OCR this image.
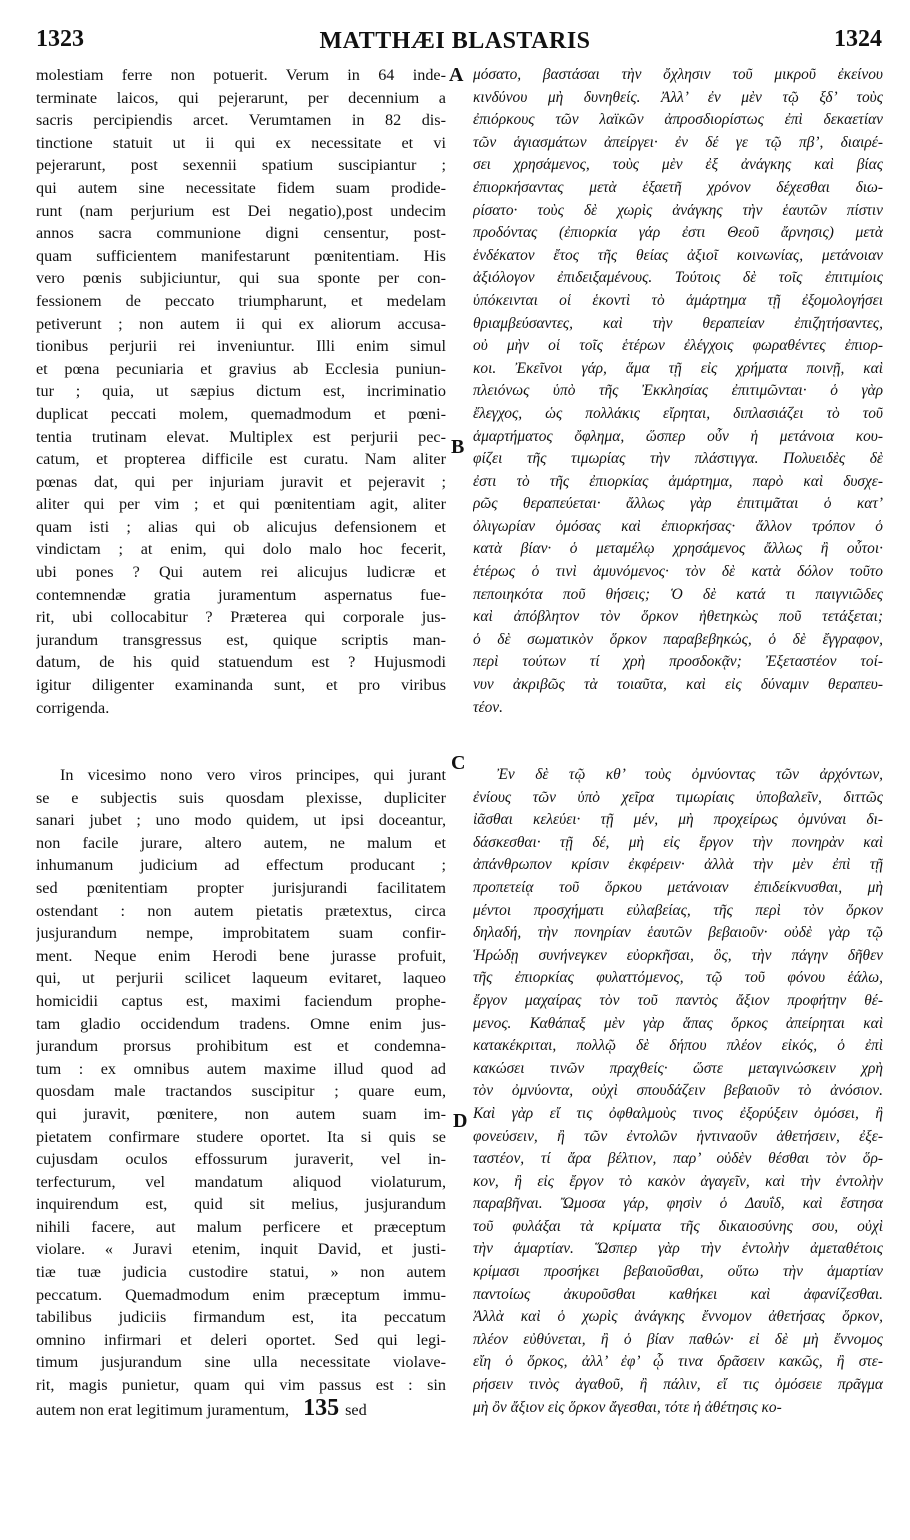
1323	MATTHÆI BLASTARIS	1324
A
B
C
D
molestiam ferre non potuerit. Verum in 64 inde-
terminate laicos, qui pejerarunt, per decennium a
sacris percipiendis arcet. Verumtamen in 82 dis-
tinctione statuit ut ii qui ex necessitate et vi
pejerarunt, post sexennii spatium suscipiantur ;
qui autem sine necessitate fidem suam prodide-
runt (nam perjurium est Dei negatio),post undecim
annos sacra communione digni censentur, post-
quam sufficientem manifestarunt pœnitentiam. His
vero pœnis subjiciuntur, qui sua sponte per con-
fessionem de peccato triumpharunt, et medelam
petiverunt ; non autem ii qui ex aliorum accusa-
tionibus perjurii rei inveniuntur. Illi enim simul
et pœna pecuniaria et gravius ab Ecclesia puniun-
tur ; quia, ut sæpius dictum est, incriminatio
duplicat peccati molem, quemadmodum et pœni-
tentia trutinam elevat. Multiplex est perjurii pec-
catum, et propterea difficile est curatu. Nam aliter
pœnas dat, qui per injuriam juravit et pejeravit ;
aliter qui per vim ; et qui pœnitentiam agit, aliter
quam isti ; alias qui ob alicujus defensionem et
vindictam ; at enim, qui dolo malo hoc fecerit,
ubi pones ? Qui autem rei alicujus ludicræ et
contemnendæ gratia juramentum aspernatus fue-
rit, ubi collocabitur ? Præterea qui corporale jus-
jurandum transgressus est, quique scriptis man-
datum, de his quid statuendum est ? Hujusmodi
igitur diligenter examinanda sunt, et pro viribus
corrigenda.
In vicesimo nono vero viros principes, qui jurant
se e subjectis suis quosdam plexisse, dupliciter
sanari jubet ; uno modo quidem, ut ipsi doceantur,
non facile jurare, altero autem, ne malum et
inhumanum judicium ad effectum producant ;
sed pœnitentiam propter jurisjurandi facilitatem
ostendant : non autem pietatis prætextus, circa
jusjurandum nempe, improbitatem suam confir-
ment. Neque enim Herodi bene jurasse profuit,
qui, ut perjurii scilicet laqueum evitaret, laqueo
homicidii captus est, maximi faciendum prophe-
tam gladio occidendum tradens. Omne enim jus-
jurandum prorsus prohibitum est et condemna-
tum : ex omnibus autem maxime illud quod ad
quosdam male tractandos suscipitur ; quare eum,
qui juravit, pœnitere, non autem suam im-
pietatem confirmare studere oportet. Ita si quis se
cujusdam oculos effossurum juraverit, vel in-
terfecturum, vel mandatum aliquod violaturum,
inquirendum est, quid sit melius, jusjurandum
nihili facere, aut malum perficere et præceptum
violare. « Juravi etenim, inquit David, et justi-
tiæ tuæ judicia custodire statui, » non autem
peccatum. Quemadmodum enim præceptum immu-
tabilibus judiciis firmandum est, ita peccatum
omnino infirmari et deleri oportet. Sed qui legi-
timum jusjurandum sine ulla necessitate violave-
rit, magis punietur, quam qui vim passus est : sin
autem non erat legitimum juramentum, 135 sed
μόσατο, βαστάσαι τὴν ὄχλησιν τοῦ μικροῦ ἐκείνου
κινδύνου μὴ δυνηθείς. Ἀλλ’ ἐν μὲν τῷ ξδ’ τοὺς
ἐπιόρκους τῶν λαϊκῶν ἀπροσδιορίστως ἐπὶ δεκαετίαν
τῶν ἁγιασμάτων ἀπείργει· ἐν δέ γε τῷ πβ’, διαιρέ-
σει χρησάμενος, τοὺς μὲν ἐξ ἀνάγκης καὶ βίας
ἐπιορκήσαντας μετὰ ἑξαετῆ χρόνον δέχεσθαι διω-
ρίσατο· τοὺς δὲ χωρὶς ἀνάγκης τὴν ἑαυτῶν πίστιν
προδόντας (ἐπιορκία γάρ ἐστι Θεοῦ ἄρνησις) μετὰ
ἑνδέκατον ἔτος τῆς θείας ἀξιοῖ κοινωνίας, μετάνοιαν
ἀξιόλογον ἐπιδειξαμένους. Τούτοις δὲ τοῖς ἐπιτιμίοις
ὑπόκεινται οἱ ἑκοντὶ τὸ ἁμάρτημα τῇ ἐξομολογήσει
θριαμβεύσαντες, καὶ τὴν θεραπείαν ἐπιζητήσαντες,
οὐ μὴν οἱ τοῖς ἑτέρων ἐλέγχοις φωραθέντες ἐπιορ-
κοι. Ἐκεῖνοι γάρ, ἅμα τῇ εἰς χρήματα ποινῇ, καὶ
πλειόνως ὑπὸ τῆς Ἐκκλησίας ἐπιτιμῶνται· ὁ γὰρ
ἔλεγχος, ὡς πολλάκις εἴρηται, διπλασιάζει τὸ τοῦ
ἁμαρτήματος ὄφλημα, ὥσπερ οὖν ἡ μετάνοια κου-
φίζει τῆς τιμωρίας τὴν πλάστιγγα. Πολυειδὲς δὲ
ἐστι τὸ τῆς ἐπιορκίας ἁμάρτημα, παρὸ καὶ δυσχε-
ρῶς θεραπεύεται· ἄλλως γὰρ ἐπιτιμᾶται ὁ κατ’
ὀλιγωρίαν ὀμόσας καὶ ἐπιορκήσας· ἄλλον τρόπον ὁ
κατὰ βίαν· ὁ μεταμέλῳ χρησάμενος ἄλλως ἢ οὗτοι·
ἑτέρως ὁ τινὶ ἀμυνόμενος· τὸν δὲ κατὰ δόλον τοῦτο
πεποιηκότα ποῦ θήσεις; Ὁ δὲ κατά τι παιγνιῶδες
καὶ ἀπόβλητον τὸν ὅρκον ἠθετηκὼς ποῦ τετάξεται;
ὁ δὲ σωματικὸν ὅρκον παραβεβηκώς, ὁ δὲ ἔγγραφον,
περὶ τούτων τί χρὴ προσδοκᾷν; Ἐξεταστέον τοί-
νυν ἀκριβῶς τὰ τοιαῦτα, καὶ εἰς δύναμιν θεραπευ-
τέον.
Ἐν δὲ τῷ κθ’ τοὺς ὀμνύοντας τῶν ἀρχόντων,
ἐνίους τῶν ὑπὸ χεῖρα τιμωρίαις ὑποβαλεῖν, διττῶς
ἰᾶσθαι κελεύει· τῇ μέν, μὴ προχείρως ὀμνύναι δι-
δάσκεσθαι· τῇ δέ, μὴ εἰς ἔργον τὴν πονηρὰν καὶ
ἀπάνθρωπον κρίσιν ἐκφέρειν· ἀλλὰ τὴν μὲν ἐπὶ τῇ
προπετείᾳ τοῦ ὅρκου μετάνοιαν ἐπιδείκνυσθαι, μὴ
μέντοι προσχήματι εὐλαβείας, τῆς περὶ τὸν ὅρκον
δηλαδή, τὴν πονηρίαν ἑαυτῶν βεβαιοῦν· οὐδὲ γὰρ τῷ
Ἡρώδῃ συνήνεγκεν εὐορκῆσαι, ὃς, τὴν πάγην δῆθεν
τῆς ἐπιορκίας φυλαττόμενος, τῷ τοῦ φόνου ἑάλω,
ἔργον μαχαίρας τὸν τοῦ παντὸς ἄξιον προφήτην θέ-
μενος. Καθάπαξ μὲν γὰρ ἅπας ὅρκος ἀπείρηται καὶ
κατακέκριται, πολλῷ δὲ δήπου πλέον εἰκός, ὁ ἐπὶ
κακώσει τινῶν πραχθείς· ὥστε μεταγινώσκειν χρὴ
τὸν ὀμνύοντα, οὐχὶ σπουδάζειν βεβαιοῦν τὸ ἀνόσιον.
Καὶ γὰρ εἴ τις ὀφθαλμοὺς τινος ἐξορύξειν ὀμόσει, ἢ
φονεύσειν, ἢ τῶν ἐντολῶν ἡντιναοῦν ἀθετήσειν, ἐξε-
ταστέον, τί ἄρα βέλτιον, παρ’ οὐδὲν θέσθαι τὸν ὅρ-
κον, ἢ εἰς ἔργον τὸ κακὸν ἀγαγεῖν, καὶ τὴν ἐντολὴν
παραβῆναι. Ὤμοσα γάρ, φησὶν ὁ Δαυΐδ, καὶ ἔστησα
τοῦ φυλάξαι τὰ κρίματα τῆς δικαιοσύνης σου, οὐχὶ
τὴν ἁμαρτίαν. Ὥσπερ γὰρ τὴν ἐντολὴν ἀμεταθέτοις
κρίμασι προσήκει βεβαιοῦσθαι, οὕτω τὴν ἁμαρτίαν
παντοίως ἀκυροῦσθαι καθήκει καὶ ἀφανίζεσθαι.
Ἀλλὰ καὶ ὁ χωρὶς ἀνάγκης ἔννομον ἀθετήσας ὅρκον,
πλέον εὐθύνεται, ἢ ὁ βίαν παθών· εἰ δὲ μὴ ἔννομος
εἴη ὁ ὅρκος, ἀλλ’ ἐφ’ ᾧ τινα δρᾶσειν κακῶς, ἢ στε-
ρήσειν τινὸς ἀγαθοῦ, ἢ πάλιν, εἴ τις ὀμόσειε πρᾶγμα
μὴ ὂν ἄξιον εἰς ὅρκον ἄγεσθαι, τότε ἡ ἀθέτησις κο-
